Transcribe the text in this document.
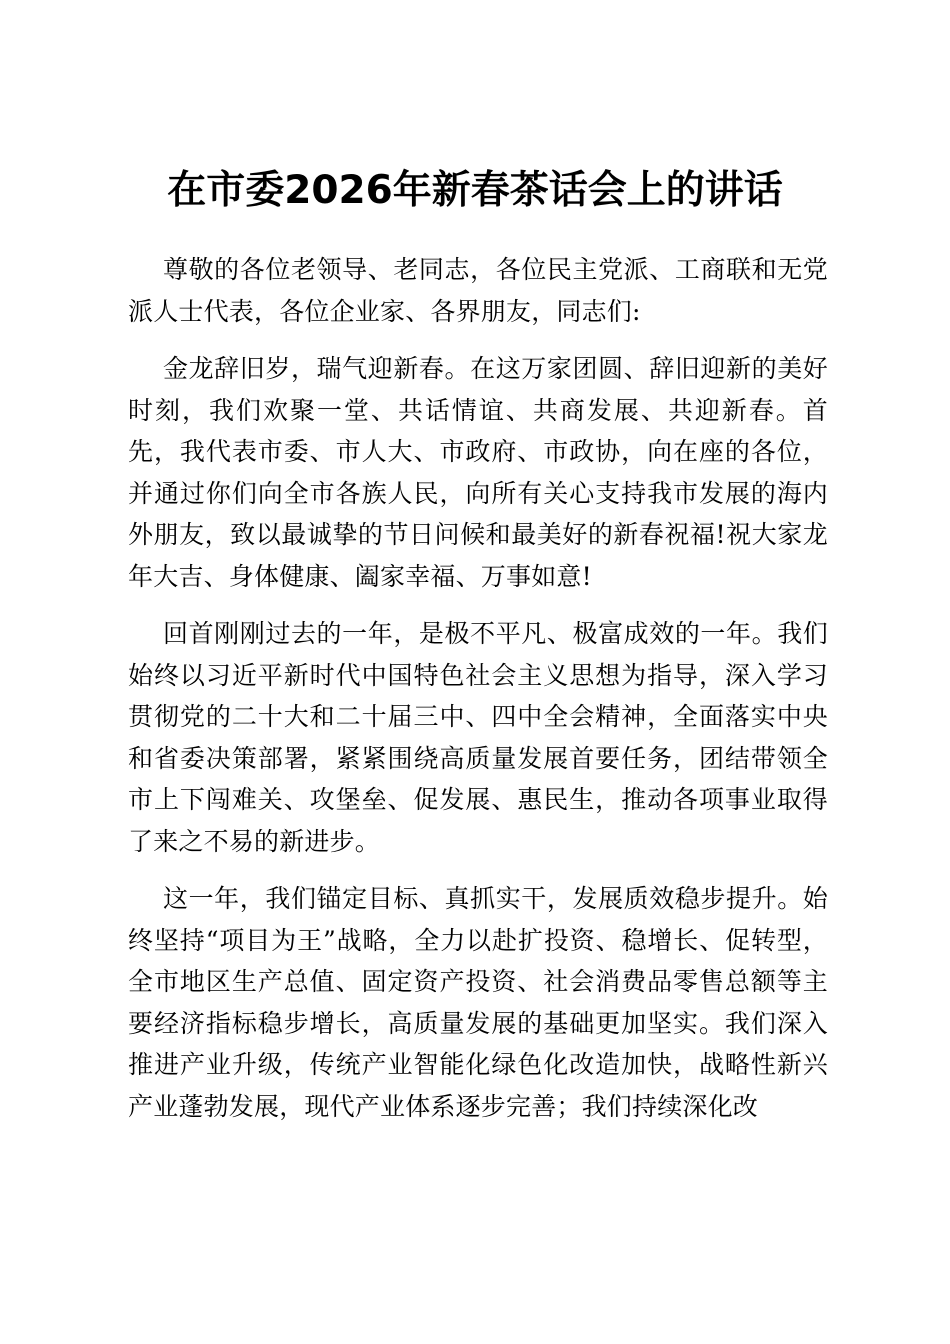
在市委2026年新春茶话会上的讲话

尊敬的各位老领导、老同志，各位民主党派、工商联和无党派人士代表，各位企业家、各界朋友，同志们:

金龙辞旧岁，瑞气迎新春。在这万家团圆、辞旧迎新的美好时刻，我们欢聚一堂、共话情谊、共商发展、共迎新春。首先，我代表市委、市人大、市政府、市政协，向在座的各位，并通过你们向全市各族人民，向所有关心支持我市发展的海内外朋友，致以最诚挚的节日问候和最美好的新春祝福!祝大家龙年大吉、身体健康、阖家幸福、万事如意!

回首刚刚过去的一年，是极不平凡、极富成效的一年。我们始终以习近平新时代中国特色社会主义思想为指导，深入学习贯彻党的二十大和二十届三中、四中全会精神，全面落实中央和省委决策部署，紧紧围绕高质量发展首要任务，团结带领全市上下闯难关、攻堡垒、促发展、惠民生，推动各项事业取得了来之不易的新进步。

这一年，我们锚定目标、真抓实干，发展质效稳步提升。始终坚持“项目为王”战略，全力以赴扩投资、稳增长、促转型，全市地区生产总值、固定资产投资、社会消费品零售总额等主要经济指标稳步增长，高质量发展的基础更加坚实。我们深入推进产业升级，传统产业智能化绿色化改造加快，战略性新兴产业蓬勃发展，现代产业体系逐步完善；我们持续深化改
